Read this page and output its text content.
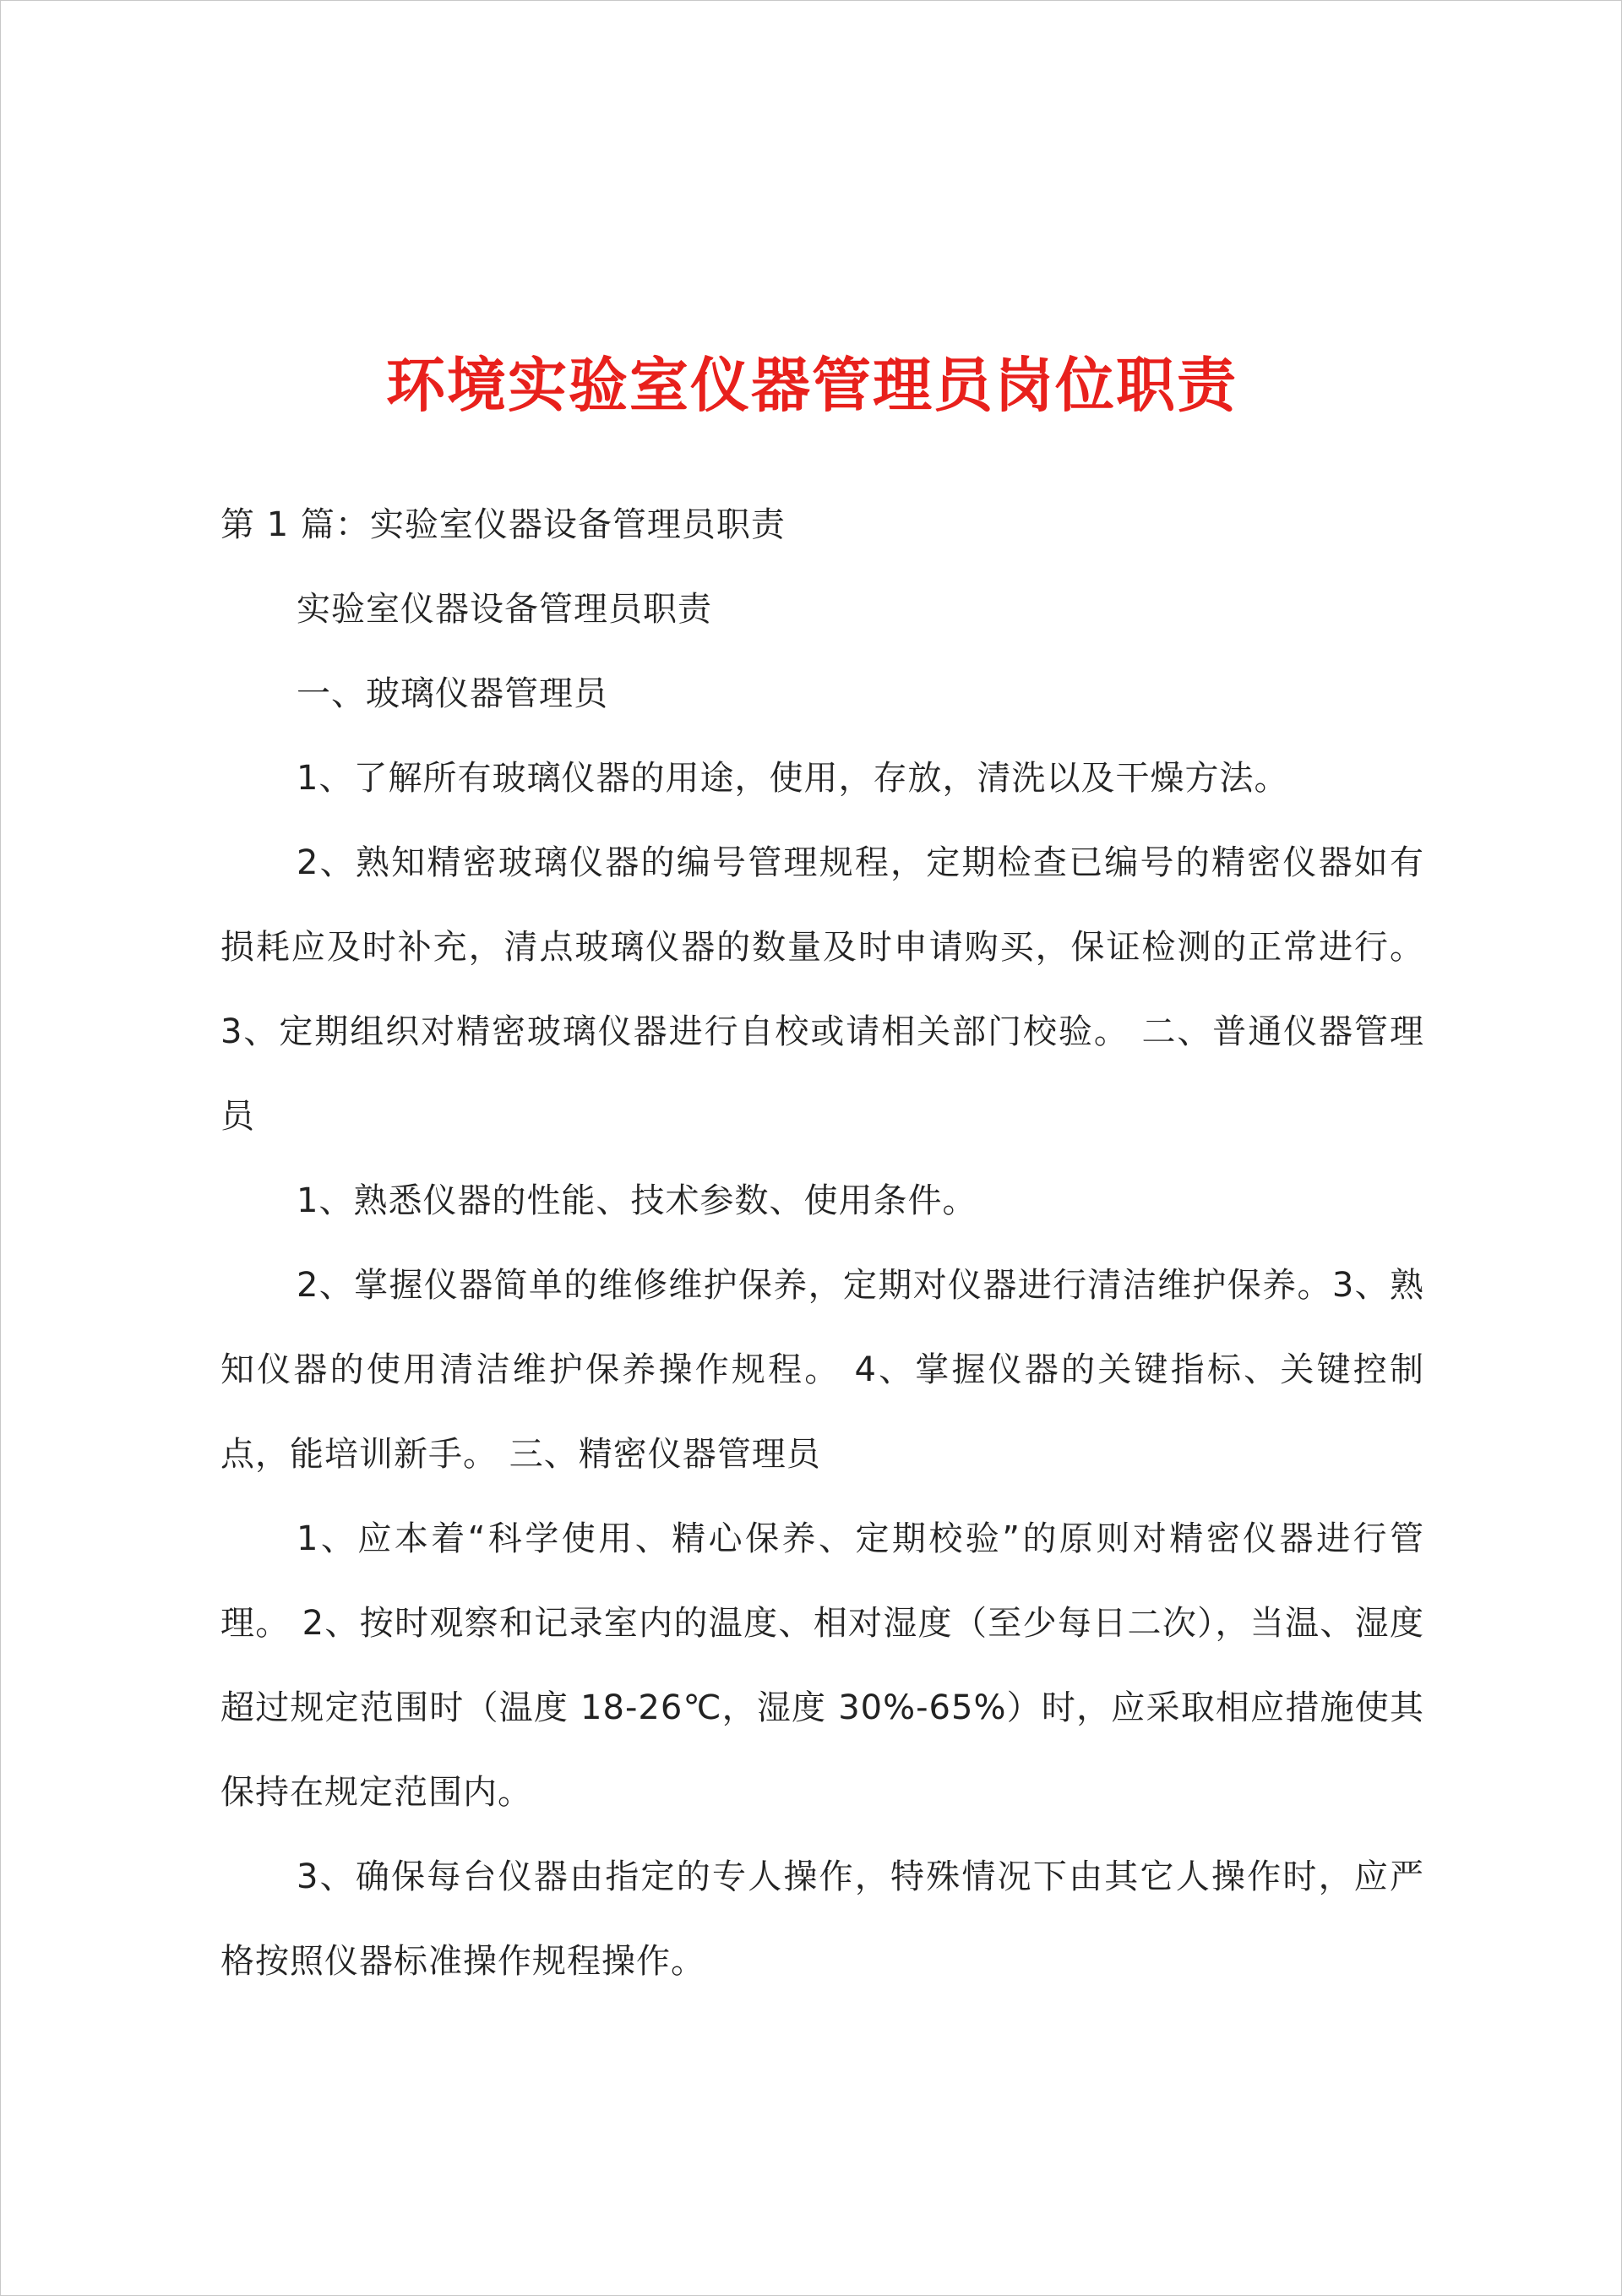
环境实验室仪器管理员岗位职责

第 1 篇：实验室仪器设备管理员职责

实验室仪器设备管理员职责

一、玻璃仪器管理员

1、了解所有玻璃仪器的用途，使用，存放，清洗以及干燥方法。

2、熟知精密玻璃仪器的编号管理规程，定期检查已编号的精密仪器如有损耗应及时补充，清点玻璃仪器的数量及时申请购买，保证检测的正常进行。 3、定期组织对精密玻璃仪器进行自校或请相关部门校验。 二、普通仪器管理员

1、熟悉仪器的性能、技术参数、使用条件。

2、掌握仪器简单的维修维护保养，定期对仪器进行清洁维护保养。3、熟知仪器的使用清洁维护保养操作规程。 4、掌握仪器的关键指标、关键控制点，能培训新手。 三、精密仪器管理员

1、应本着“科学使用、精心保养、定期校验”的原则对精密仪器进行管理。 2、按时观察和记录室内的温度、相对湿度（至少每日二次），当温、湿度超过规定范围时（温度 18-26℃，湿度 30%-65%）时，应采取相应措施使其保持在规定范围内。

3、确保每台仪器由指定的专人操作，特殊情况下由其它人操作时，应严格按照仪器标准操作规程操作。
